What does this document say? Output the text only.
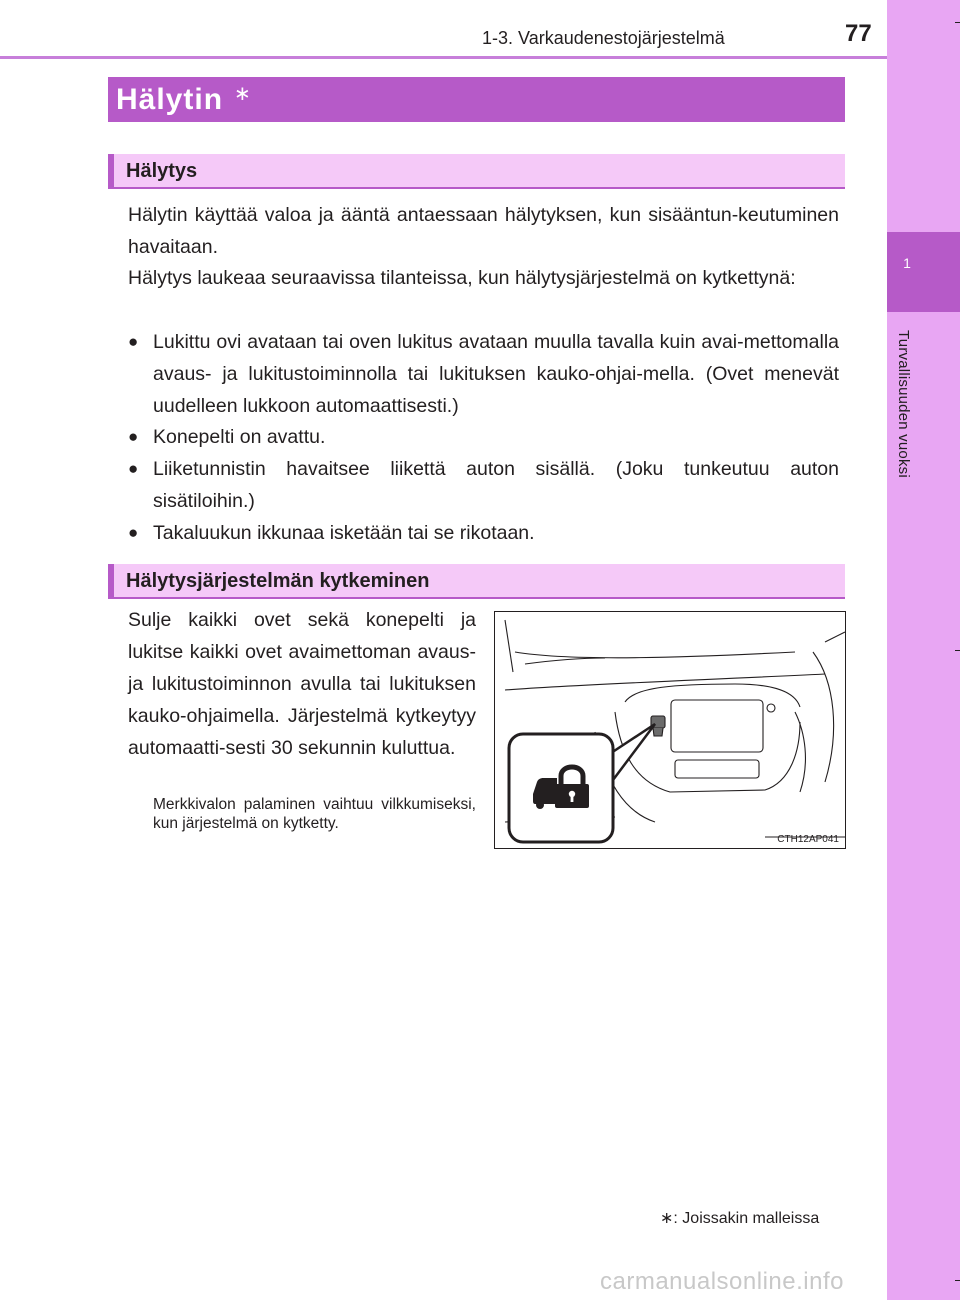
1
Turvallisuuden vuoksi
1-3. Varkaudenestojärjestelmä	77
Hälytin ∗
Hälytys
Hälytin käyttää valoa ja ääntä antaessaan hälytyksen, kun sisääntun-keutuminen havaitaan.
Hälytys laukeaa seuraavissa tilanteissa, kun hälytysjärjestelmä on kytkettynä:
● Lukittu ovi avataan tai oven lukitus avataan muulla tavalla kuin avai-mettomalla avaus- ja lukitustoiminnolla tai lukituksen kauko-ohjai-mella. (Ovet menevät uudelleen lukkoon automaattisesti.)
● Konepelti on avattu.
● Liiketunnistin havaitsee liikettä auton sisällä. (Joku tunkeutuu auton sisätiloihin.)
● Takaluukun ikkunaa isketään tai se rikotaan.
Hälytysjärjestelmän kytkeminen
Sulje kaikki ovet sekä konepelti ja lukitse kaikki ovet avaimettoman avaus- ja lukitustoiminnon avulla tai lukituksen kauko-ohjaimella. Järjestelmä kytkeytyy automaatti-sesti 30 sekunnin kuluttua.
Merkkivalon palaminen vaihtuu vilkkumiseksi, kun järjestelmä on kytketty.
CTH12AP041
∗: Joissakin malleissa
carmanualsonline.info
